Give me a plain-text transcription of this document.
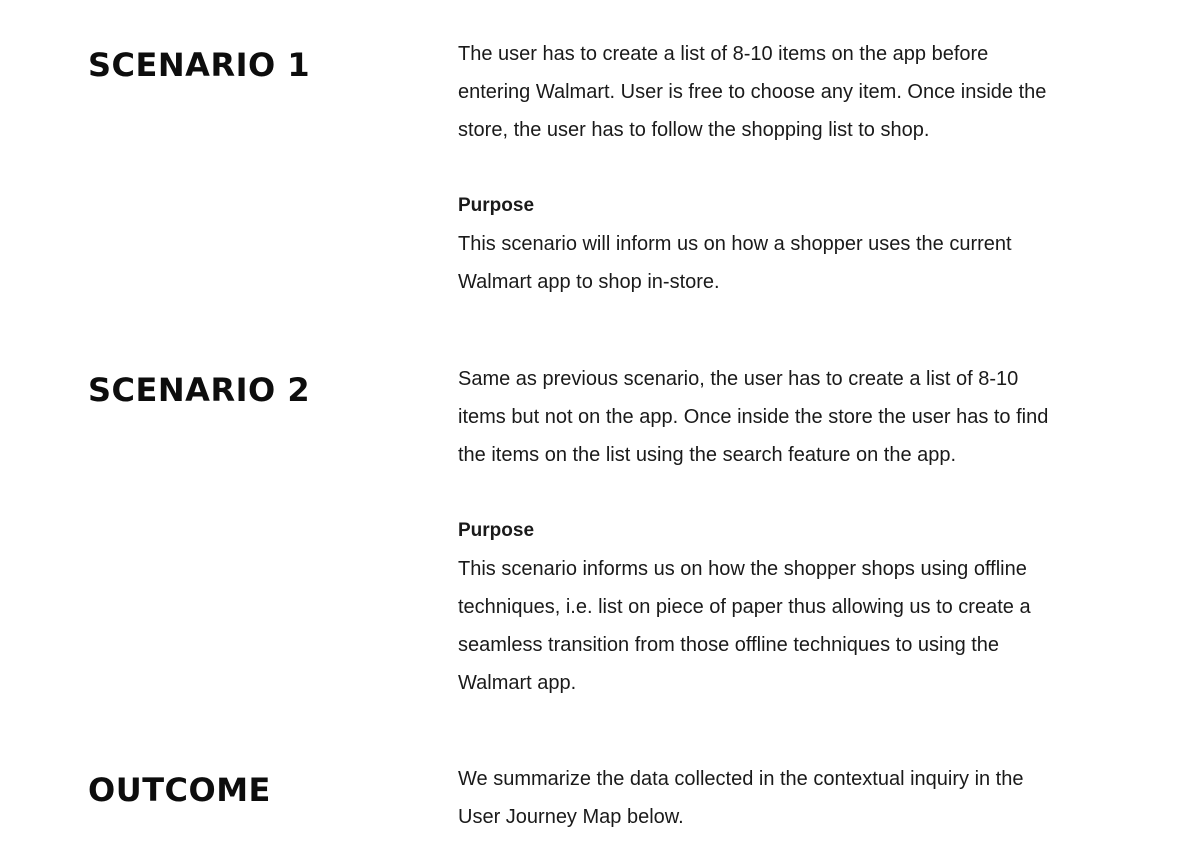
SCENARIO 1	The user has to create a list of 8-10 items on the app before

entering Walmart. User is free to choose any item. Once inside the

store, the user has to follow the shopping list to shop.

Purpose

This scenario will inform us on how a shopper uses the current

Walmart app to shop in-store.

SCENARIO 2	Same as previous scenario, the user has to create a list of 8-10

items but not on the app. Once inside the store the user has to find

the items on the list using the search feature on the app.

Purpose

This scenario informs us on how the shopper shops using offline

techniques, i.e. list on piece of paper thus allowing us to create a

seamless transition from those offline techniques to using the

Walmart app.

OUTCOME	We summarize the data collected in the contextual inquiry in the

User Journey Map below.
